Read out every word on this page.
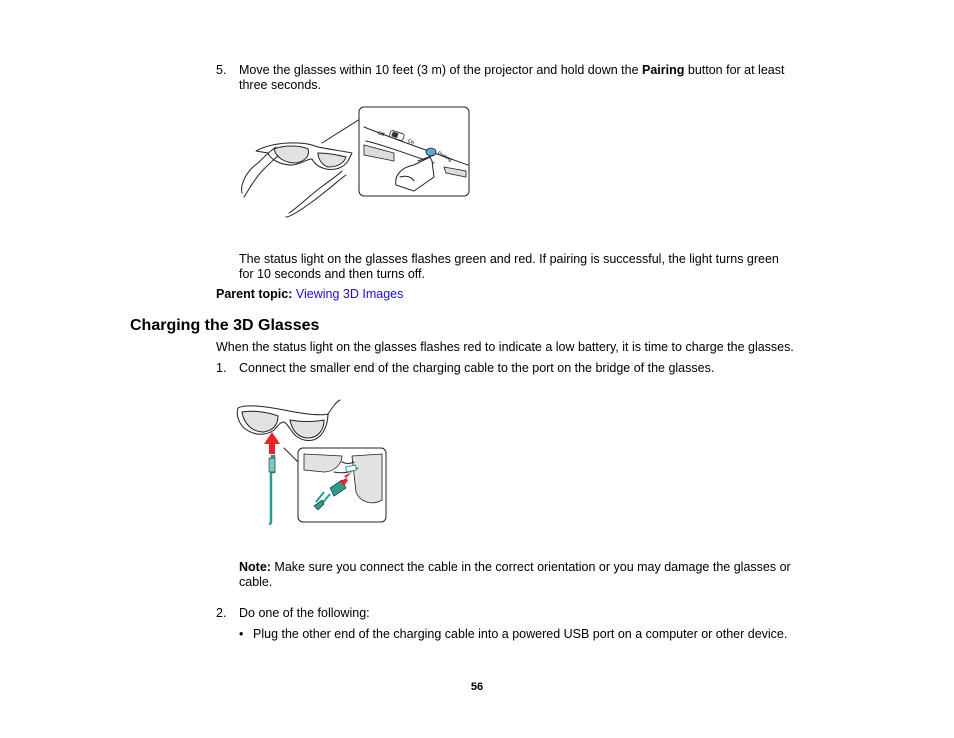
5. Move the glasses within 10 feet (3 m) of the projector and hold down the Pairing button for at least
three seconds.
Off
On
Pairing
The status light on the glasses flashes green and red. If pairing is successful, the light turns green
for 10 seconds and then turns off.
Parent topic: Viewing 3D Images
Charging the 3D Glasses
When the status light on the glasses flashes red to indicate a low battery, it is time to charge the glasses.
1. Connect the smaller end of the charging cable to the port on the bridge of the glasses.
Note: Make sure you connect the cable in the correct orientation or you may damage the glasses or
cable.
2. Do one of the following:
• Plug the other end of the charging cable into a powered USB port on a computer or other device.
56
